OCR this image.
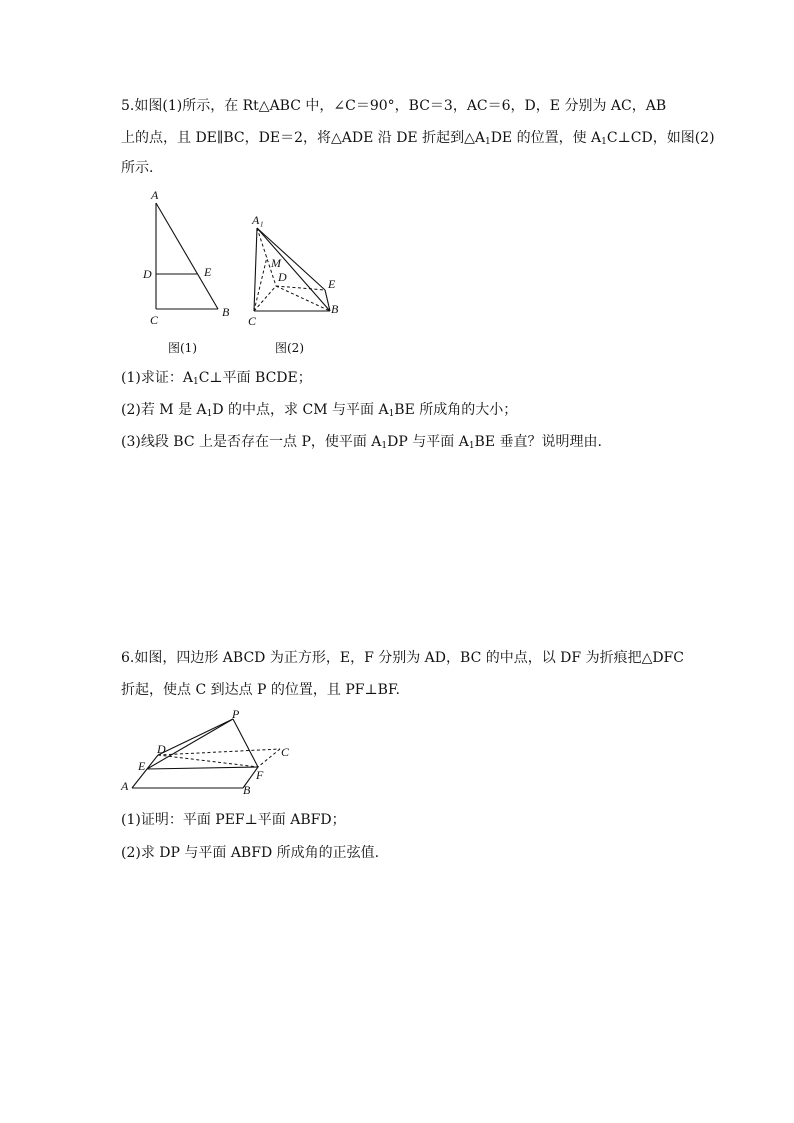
5.如图(1)所示，在 Rt△ABC 中，∠C＝90°，BC＝3，AC＝6，D，E 分别为 AC，AB
上的点，且 DE∥BC，DE＝2，将△ADE 沿 DE 折起到$\triangle A_1DE$ 的位置，使 $A_1C\perp CD$，如图(2)
所示.
A
D	E
C
B
图(1)
A₁
M
D	E
C
B
图(2)
(1)求证：$A_1C\perp$平面 BCDE；
(2)若 M 是 $A_1D$ 的中点，求 CM 与平面 $A_1BE$ 所成角的大小；
(3)线段 BC 上是否存在一点 P，使平面 $A_1DP$ 与平面 $A_1BE$ 垂直？说明理由.
6.如图，四边形 ABCD 为正方形，E，F 分别为 AD，BC 的中点，以 DF 为折痕把△DFC
折起，使点 C 到达点 P 的位置，且 PF⊥BF.
P
D	C
E
F
A	B
(1)证明：平面 PEF⊥平面 ABFD；
(2)求 DP 与平面 ABFD 所成角的正弦值.
